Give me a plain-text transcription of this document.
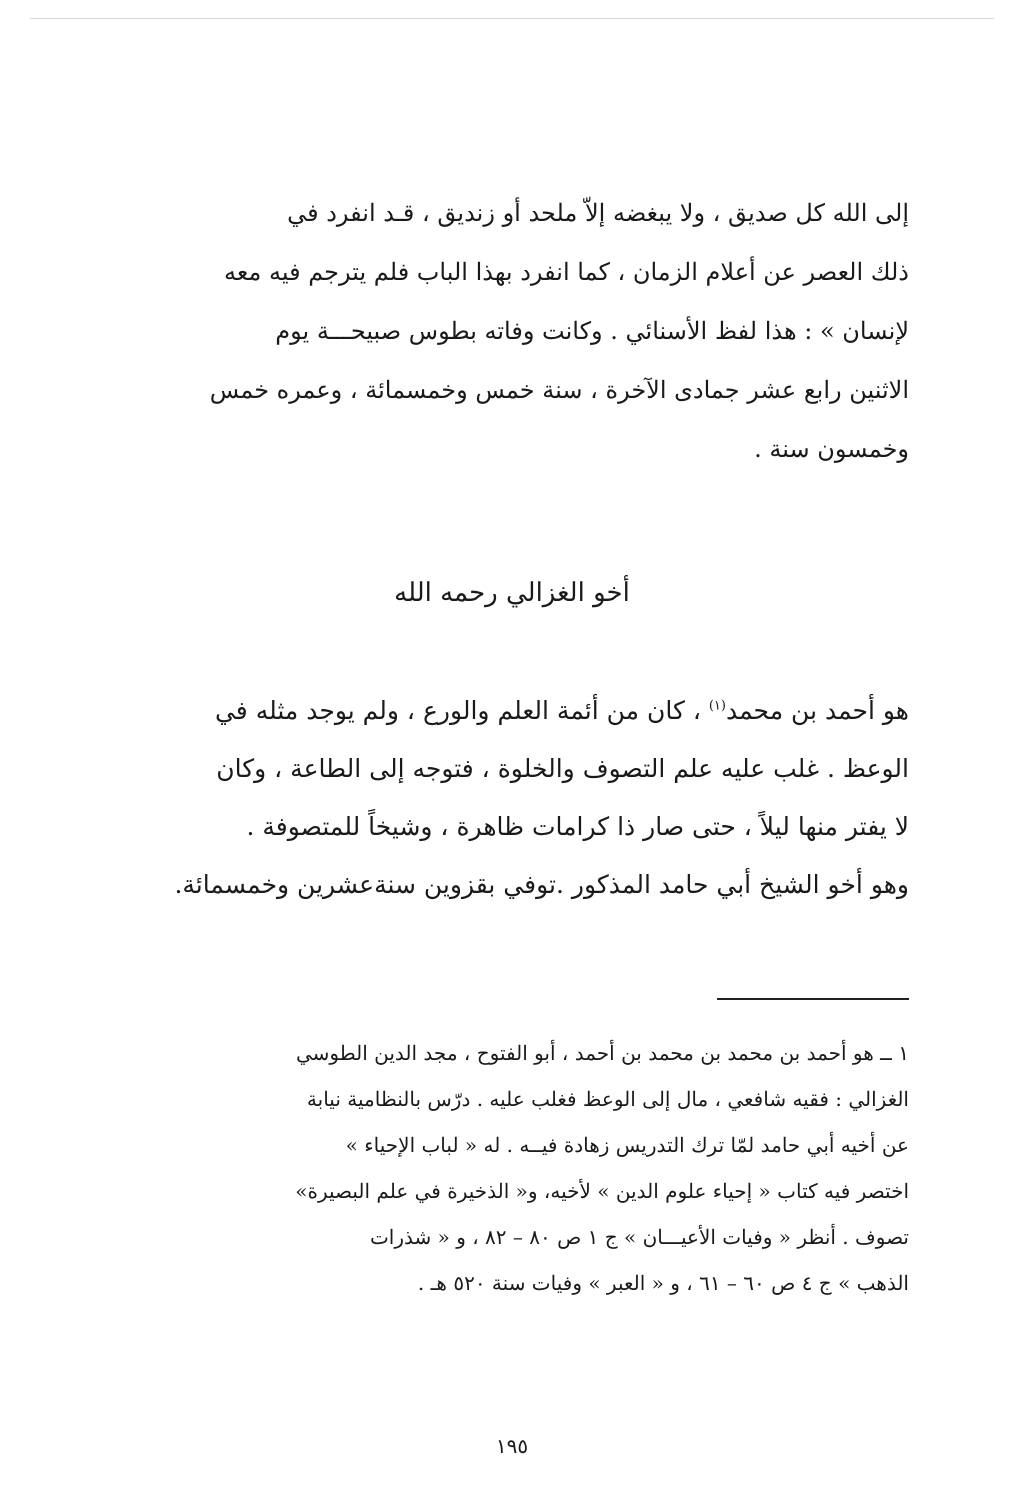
إلى الله كل صديق ، ولا يبغضه إلاّ ملحد أو زنديق ، قـد انفرد في
ذلك العصر عن أعلام الزمان ، كما انفرد بهذا الباب فلم يترجم فيه معه
لإنسان » : هذا لفظ الأسنائي . وكانت وفاته بطوس صبيحـــة يوم
الاثنين رابع عشر جمادى الآخرة ، سنة خمس وخمسمائة ، وعمره خمس
وخمسون سنة .
أخو الغزالي رحمه الله
هو أحمد بن محمد$^{(١)}$ ، كان من أئمة العلم والورع ، ولم يوجد مثله في
الوعظ . غلب عليه علم التصوف والخلوة ، فتوجه إلى الطاعة ، وكان
لا يفتر منها ليلاً ، حتى صار ذا كرامات ظاهرة ، وشيخاً للمتصوفة .
وهو أخو الشيخ أبي حامد المذكور .توفي بقزوين سنةعشرين وخمسمائة.
١ ــ هو أحمد بن محمد بن محمد بن أحمد ، أبو الفتوح ، مجد الدين الطوسي
الغزالي : فقيه شافعي ، مال إلى الوعظ فغلب عليه . درّس بالنظامية نيابة
عن أخيه أبي حامد لمّا ترك التدريس زهادة فيــه . له « لباب الإحياء »
اختصر فيه كتاب « إحياء علوم الدين » لأخيه، و« الذخيرة في علم البصيرة»
تصوف . أنظر « وفيات الأعيـــان » ج ١ ص ٨٠ – ٨٢ ، و « شذرات
الذهب » ج ٤ ص ٦٠ – ٦١ ، و « العبر » وفيات سنة ٥٢٠ هـ .
١٩٥
